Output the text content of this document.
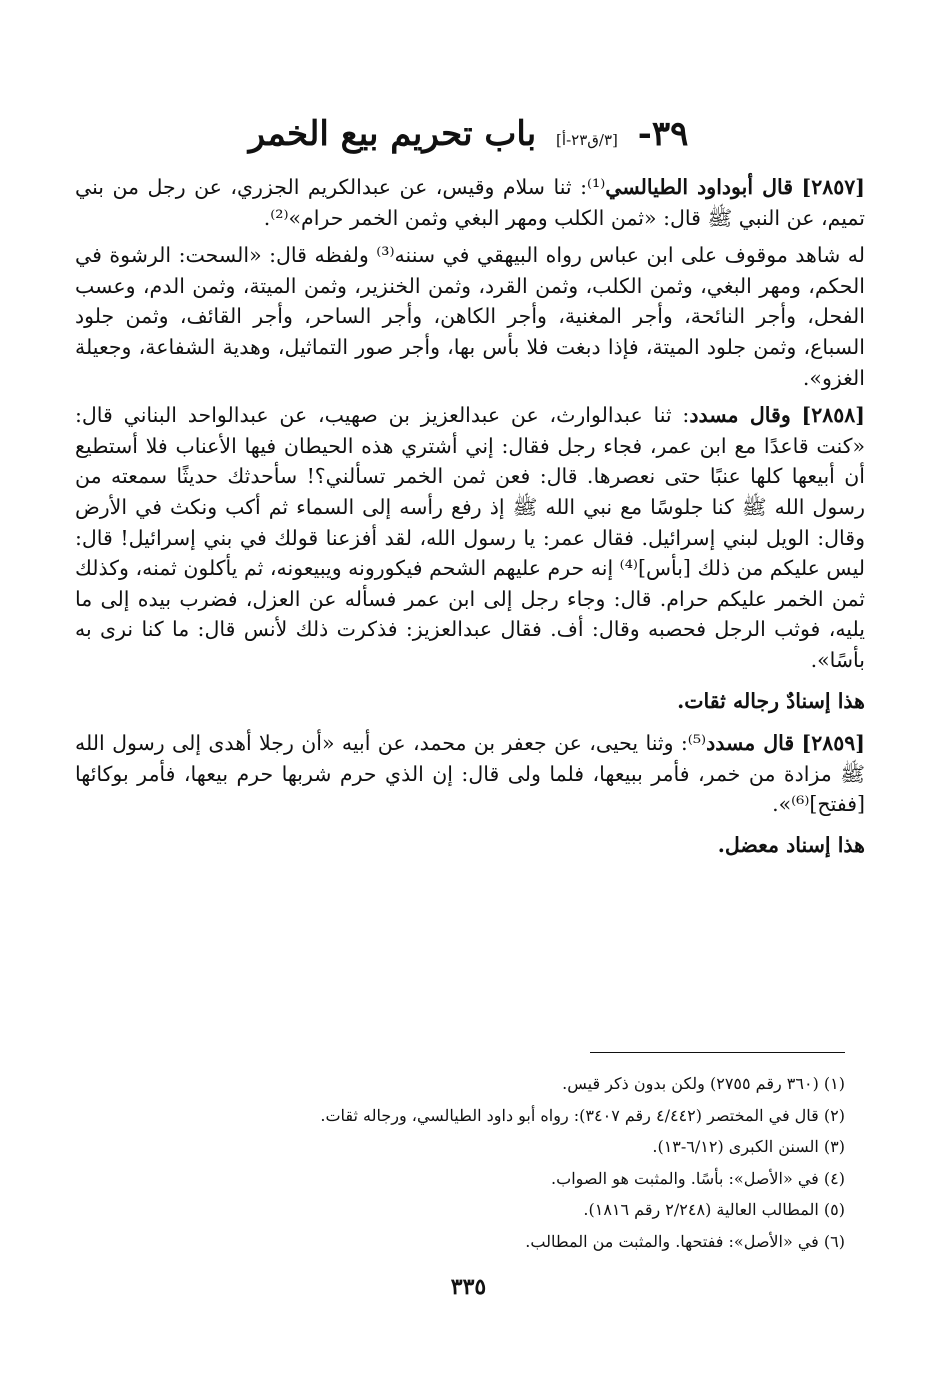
٣٩- [٣/ق٢٣-أ] باب تحريم بيع الخمر
[٢٨٥٧] قال أبوداود الطيالسي⁽¹⁾: ثنا سلام وقيس، عن عبدالكريم الجزري، عن رجل من بني تميم، عن النبي ﷺ قال: «ثمن الكلب ومهر البغي وثمن الخمر حرام»⁽²⁾.
له شاهد موقوف على ابن عباس رواه البيهقي في سننه⁽³⁾ ولفظه قال: «السحت: الرشوة في الحكم، ومهر البغي، وثمن الكلب، وثمن القرد، وثمن الخنزير، وثمن الميتة، وثمن الدم، وعسب الفحل، وأجر النائحة، وأجر المغنية، وأجر الكاهن، وأجر الساحر، وأجر القائف، وثمن جلود السباع، وثمن جلود الميتة، فإذا دبغت فلا بأس بها، وأجر صور التماثيل، وهدية الشفاعة، وجعيلة الغزو».
[٢٨٥٨] وقال مسدد: ثنا عبدالوارث، عن عبدالعزيز بن صهيب، عن عبدالواحد البناني قال: «كنت قاعدًا مع ابن عمر، فجاء رجل فقال: إني أشتري هذه الحيطان فيها الأعناب فلا أستطيع أن أبيعها كلها عنبًا حتى نعصرها. قال: فعن ثمن الخمر تسألني؟! سأحدثك حديثًا سمعته من رسول الله ﷺ كنا جلوسًا مع نبي الله ﷺ إذ رفع رأسه إلى السماء ثم أكب ونكث في الأرض وقال: الويل لبني إسرائيل. فقال عمر: يا رسول الله، لقد أفزعنا قولك في بني إسرائيل! قال: ليس عليكم من ذلك [بأس]⁽⁴⁾ إنه حرم عليهم الشحم فيكورونه ويبيعونه، ثم يأكلون ثمنه، وكذلك ثمن الخمر عليكم حرام. قال: وجاء رجل إلى ابن عمر فسأله عن العزل، فضرب بيده إلى ما يليه، فوثب الرجل فحصبه وقال: أف. فقال عبدالعزيز: فذكرت ذلك لأنس قال: ما كنا نرى به بأسًا».
هذا إسنادٌ رجاله ثقات.
[٢٨٥٩] قال مسدد⁽⁵⁾: وثنا يحيى، عن جعفر بن محمد، عن أبيه «أن رجلا أهدى إلى رسول الله ﷺ مزادة من خمر، فأمر ببيعها، فلما ولى قال: إن الذي حرم شربها حرم بيعها، فأمر بوكائها [ففتح]⁽⁶⁾».
هذا إسناد معضل.
(١) (٣٦٠ رقم ٢٧٥٥) ولكن بدون ذكر قيس.
(٢) قال في المختصر (٤/٤٤٢ رقم ٣٤٠٧): رواه أبو داود الطيالسي، ورجاله ثقات.
(٣) السنن الكبرى (٦/١٢-١٣).
(٤) في «الأصل»: بأسًا. والمثبت هو الصواب.
(٥) المطالب العالية (٢/٢٤٨ رقم ١٨١٦).
(٦) في «الأصل»: ففتحها. والمثبت من المطالب.
٣٣٥
